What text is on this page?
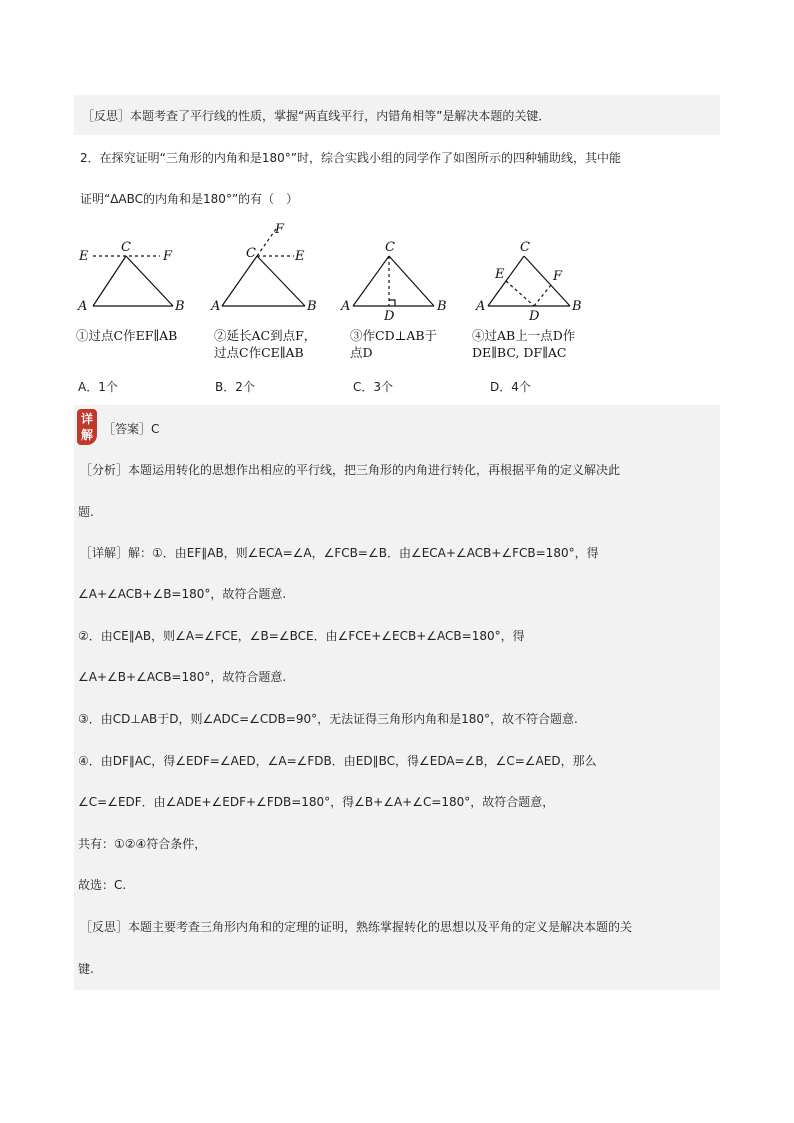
［反思］本题考查了平行线的性质，掌握“两直线平行，内错角相等”是解决本题的关键．
2．在探究证明“三角形的内角和是180°”时，综合实践小组的同学作了如图所示的四种辅助线，其中能
证明“ΔABC的内角和是180°”的有（　）
A	B
C
E	F
A	B
C	E
F
A	B
C
D
A	B
C
D
E	F
①过点C作EF∥AB	②延长AC到点F，
过点C作CE∥AB
③作CD⊥AB于
点D
④过AB上一点D作
DE∥BC, DF∥AC
A．1个	B．2个	C．3个	D．4个
详
解 ［答案］C
［分析］本题运用转化的思想作出相应的平行线，把三角形的内角进行转化，再根据平角的定义解决此
题.
［详解］解：①．由EF∥AB，则∠ECA=∠A，∠FCB=∠B．由∠ECA+∠ACB+∠FCB=180°，得
∠A+∠ACB+∠B=180°，故符合题意.
②．由CE∥AB，则∠A=∠FCE，∠B=∠BCE．由∠FCE+∠ECB+∠ACB=180°，得
∠A+∠B+∠ACB=180°，故符合题意.
③．由CD⊥AB于D，则∠ADC=∠CDB=90°，无法证得三角形内角和是180°，故不符合题意.
④．由DF∥AC，得∠EDF=∠AED，∠A=∠FDB．由ED∥BC，得∠EDA=∠B，∠C=∠AED，那么
∠C=∠EDF．由∠ADE+∠EDF+∠FDB=180°，得∠B+∠A+∠C=180°，故符合题意，
共有：①②④符合条件，
故选：C.
［反思］本题主要考查三角形内角和的定理的证明，熟练掌握转化的思想以及平角的定义是解决本题的关
键.
